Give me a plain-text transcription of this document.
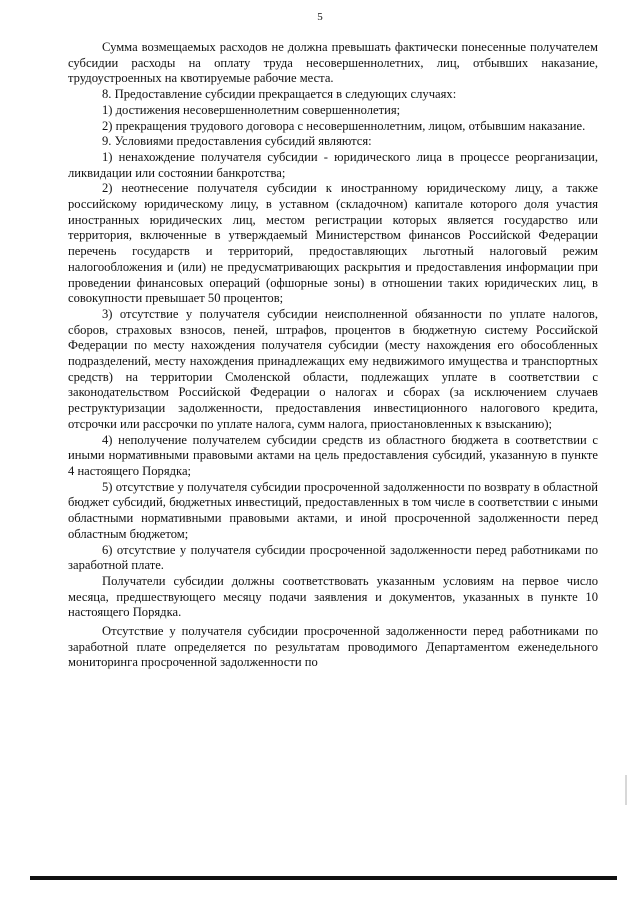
5

Сумма возмещаемых расходов не должна превышать фактически понесенные получателем субсидии расходы на оплату труда несовершеннолетних, лиц, отбывших наказание, трудоустроенных на квотируемые рабочие места.

8. Предоставление субсидии прекращается в следующих случаях:

1) достижения несовершеннолетним совершеннолетия;

2) прекращения трудового договора с несовершеннолетним, лицом, отбывшим наказание.

9. Условиями предоставления субсидий являются:

1) ненахождение получателя субсидии - юридического лица в процессе реорганизации, ликвидации или состоянии банкротства;

2) неотнесение получателя субсидии к иностранному юридическому лицу, а также российскому юридическому лицу, в уставном (складочном) капитале которого доля участия иностранных юридических лиц, местом регистрации которых является государство или территория, включенные в утверждаемый Министерством финансов Российской Федерации перечень государств и территорий, предоставляющих льготный налоговый режим налогообложения и (или) не предусматривающих раскрытия и предоставления информации при проведении финансовых операций (офшорные зоны) в отношении таких юридических лиц, в совокупности превышает 50 процентов;

3) отсутствие у получателя субсидии неисполненной обязанности по уплате налогов, сборов, страховых взносов, пеней, штрафов, процентов в бюджетную систему Российской Федерации по месту нахождения получателя субсидии (месту нахождения его обособленных подразделений, месту нахождения принадлежащих ему недвижимого имущества и транспортных средств) на территории Смоленской области, подлежащих уплате в соответствии с законодательством Российской Федерации о налогах и сборах (за исключением случаев реструктуризации задолженности, предоставления инвестиционного налогового кредита, отсрочки или рассрочки по уплате налога, сумм налога, приостановленных к взысканию);

4) неполучение получателем субсидии средств из областного бюджета в соответствии с иными нормативными правовыми актами на цель предоставления субсидий, указанную в пункте 4 настоящего Порядка;

5) отсутствие у получателя субсидии просроченной задолженности по возврату в областной бюджет субсидий, бюджетных инвестиций, предоставленных в том числе в соответствии с иными областными нормативными правовыми актами, и иной просроченной задолженности перед областным бюджетом;

6) отсутствие у получателя субсидии просроченной задолженности перед работниками по заработной плате.

Получатели субсидии должны соответствовать указанным условиям на первое число месяца, предшествующего месяцу подачи заявления и документов, указанных в пункте 10 настоящего Порядка.

Отсутствие у получателя субсидии просроченной задолженности перед работниками по заработной плате определяется по результатам проводимого Департаментом еженедельного мониторинга просроченной задолженности по
